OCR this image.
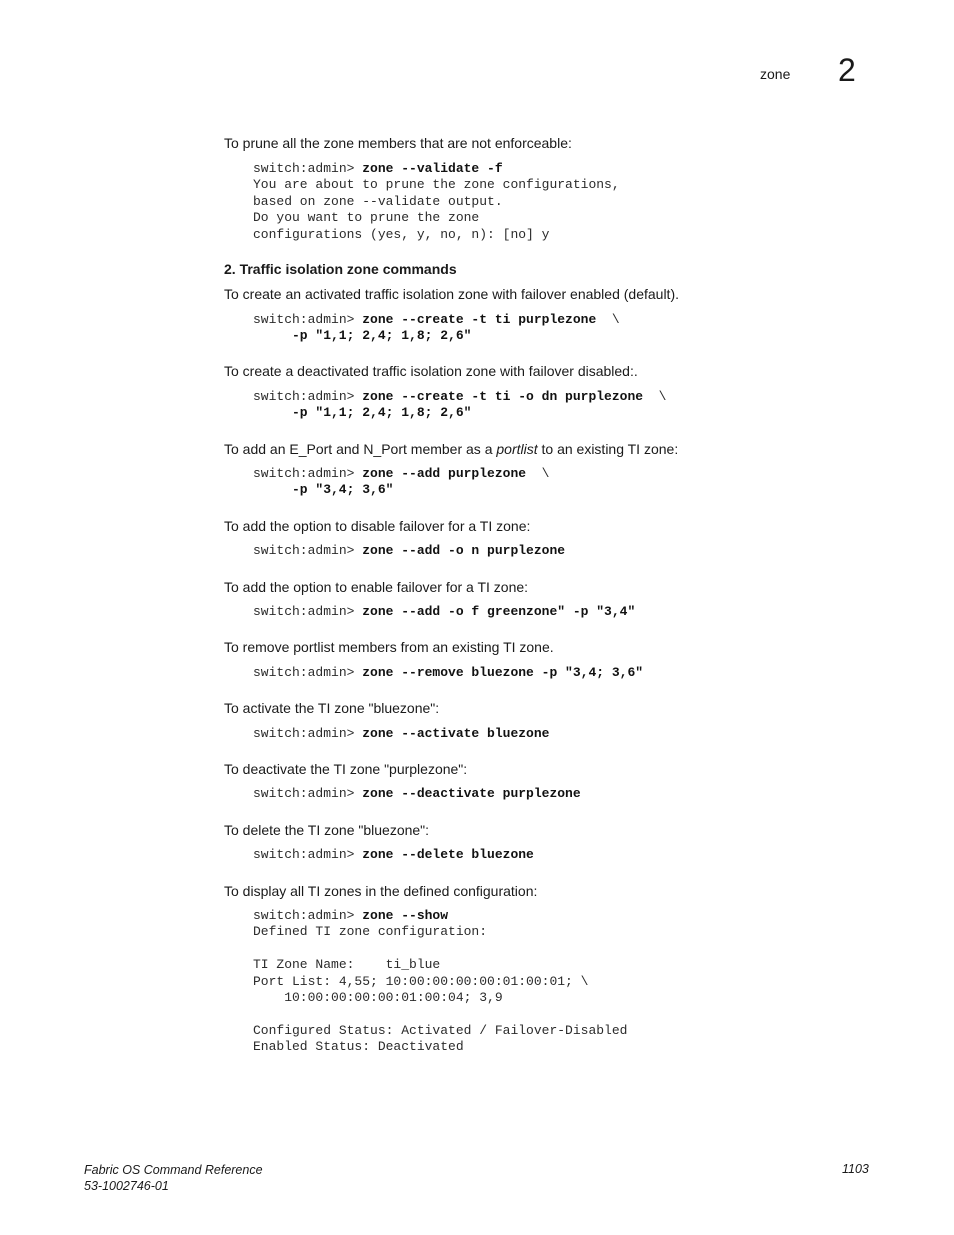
zone 2
To prune all the zone members that are not enforceable:
switch:admin> zone --validate -f
You are about to prune the zone configurations,
based on zone --validate output.
Do you want to prune the zone
configurations (yes, y, no, n): [no] y
2. Traffic isolation zone commands
To create an activated traffic isolation zone with failover enabled (default).
switch:admin> zone --create -t ti purplezone  \
-p "1,1; 2,4; 1,8; 2,6"
To create a deactivated traffic isolation zone with failover disabled:.
switch:admin> zone --create -t ti -o dn purplezone  \
-p "1,1; 2,4; 1,8; 2,6"
To add an E_Port and N_Port member as a portlist to an existing TI zone:
switch:admin> zone --add purplezone  \
-p "3,4; 3,6"
To add the option to disable failover for a TI zone:
switch:admin> zone --add -o n purplezone
To add the option to enable failover for a TI zone:
switch:admin> zone --add -o f greenzone" -p "3,4"
To remove portlist members from an existing TI zone.
switch:admin> zone --remove bluezone -p "3,4; 3,6"
To activate the TI zone "bluezone":
switch:admin> zone --activate bluezone
To deactivate the TI zone "purplezone":
switch:admin> zone --deactivate purplezone
To delete the TI zone "bluezone":
switch:admin> zone --delete bluezone
To display all TI zones in the defined configuration:
switch:admin> zone --show
Defined TI zone configuration:
TI Zone Name:    ti_blue
Port List: 4,55; 10:00:00:00:00:01:00:01; \
10:00:00:00:00:01:00:04; 3,9
Configured Status: Activated / Failover-Disabled
Enabled Status: Deactivated
Fabric OS Command Reference
53-1002746-01
1103
